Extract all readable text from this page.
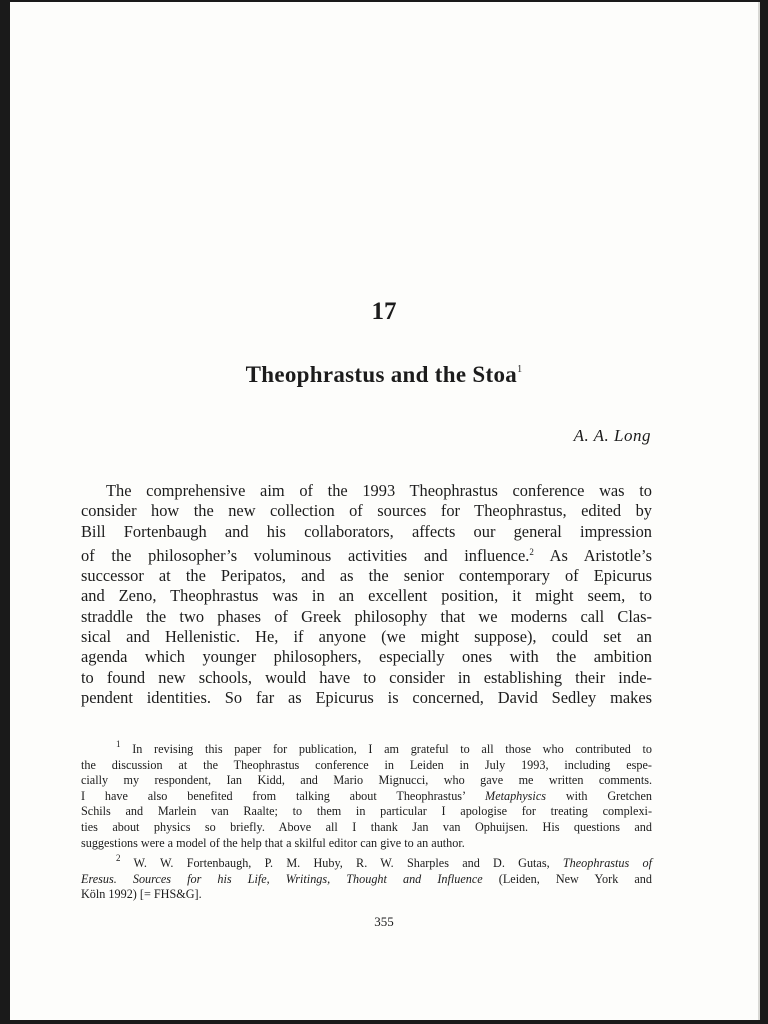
17
Theophrastus and the Stoa$^1$
A. A. Long
The comprehensive aim of the 1993 Theophrastus conference was to
consider how the new collection of sources for Theophrastus, edited by
Bill Fortenbaugh and his collaborators, affects our general impression
of the philosopher’s voluminous activities and influence.$^2$ As Aristotle’s
successor at the Peripatos, and as the senior contemporary of Epicurus
and Zeno, Theophrastus was in an excellent position, it might seem, to
straddle the two phases of Greek philosophy that we moderns call Clas-
sical and Hellenistic. He, if anyone (we might suppose), could set an
agenda which younger philosophers, especially ones with the ambition
to found new schools, would have to consider in establishing their inde-
pendent identities. So far as Epicurus is concerned, David Sedley makes
$^1$ In revising this paper for publication, I am grateful to all those who contributed to
the discussion at the Theophrastus conference in Leiden in July 1993, including espe-
cially my respondent, Ian Kidd, and Mario Mignucci, who gave me written comments.
I have also benefited from talking about Theophrastus’ Metaphysics with Gretchen
Schils and Marlein van Raalte; to them in particular I apologise for treating complexi-
ties about physics so briefly. Above all I thank Jan van Ophuijsen. His questions and
suggestions were a model of the help that a skilful editor can give to an author.
$^2$ W. W. Fortenbaugh, P. M. Huby, R. W. Sharples and D. Gutas, Theophrastus of
Eresus. Sources for his Life, Writings, Thought and Influence (Leiden, New York and
Köln 1992) [= FHS&G].
355
